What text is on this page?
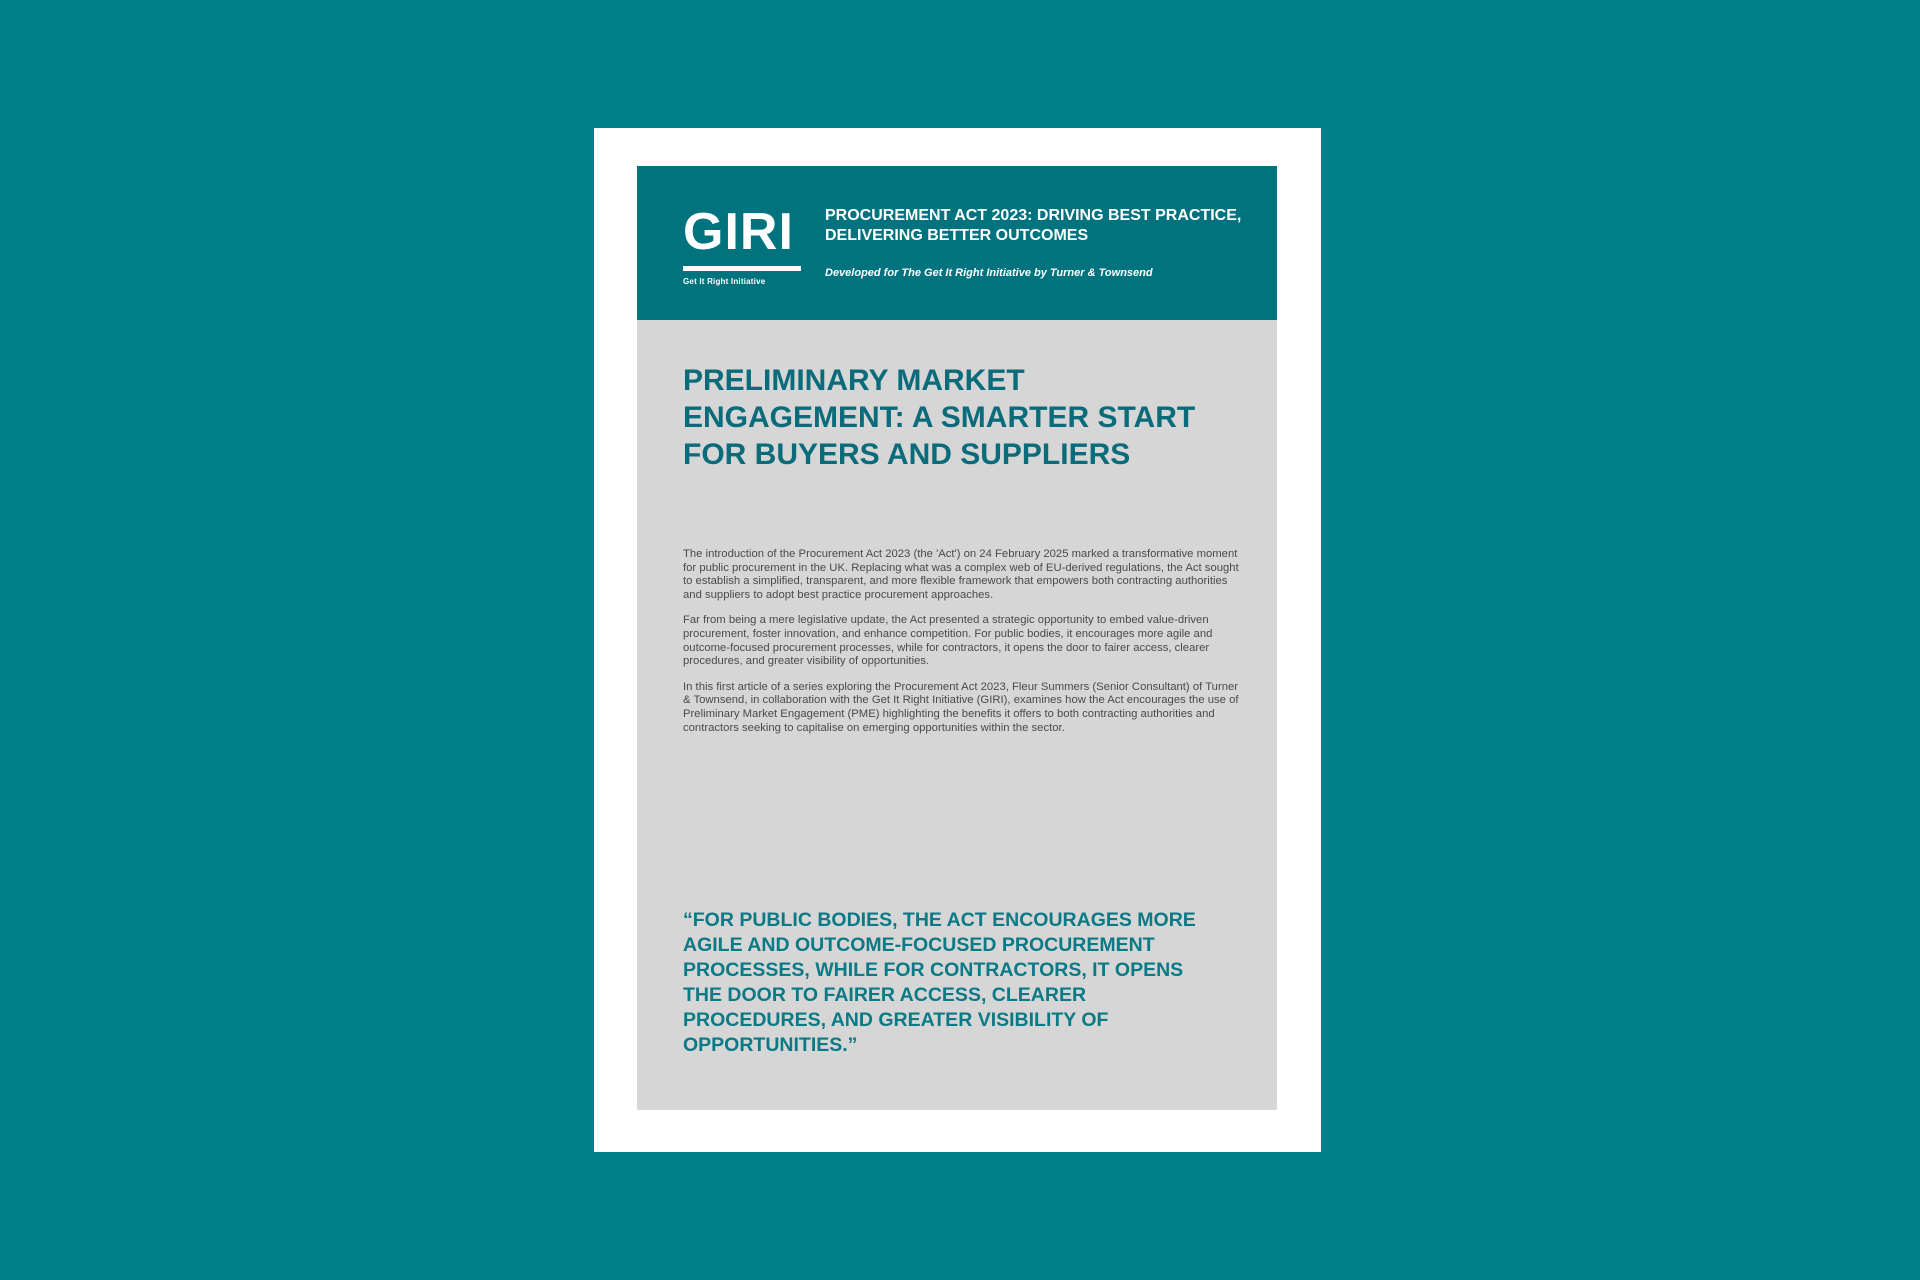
GIRI
Get It Right Initiative
PROCUREMENT ACT 2023: DRIVING BEST PRACTICE, DELIVERING BETTER OUTCOMES

Developed for The Get It Right Initiative by Turner & Townsend

PRELIMINARY MARKET ENGAGEMENT: A SMARTER START FOR BUYERS AND SUPPLIERS

The introduction of the Procurement Act 2023 (the 'Act') on 24 February 2025 marked a transformative moment for public procurement in the UK. Replacing what was a complex web of EU-derived regulations, the Act sought to establish a simplified, transparent, and more flexible framework that empowers both contracting authorities and suppliers to adopt best practice procurement approaches.

Far from being a mere legislative update, the Act presented a strategic opportunity to embed value-driven procurement, foster innovation, and enhance competition. For public bodies, it encourages more agile and outcome-focused procurement processes, while for contractors, it opens the door to fairer access, clearer procedures, and greater visibility of opportunities.

In this first article of a series exploring the Procurement Act 2023, Fleur Summers (Senior Consultant) of Turner & Townsend, in collaboration with the Get It Right Initiative (GIRI), examines how the Act encourages the use of Preliminary Market Engagement (PME) highlighting the benefits it offers to both contracting authorities and contractors seeking to capitalise on emerging opportunities within the sector.

“FOR PUBLIC BODIES, THE ACT ENCOURAGES MORE AGILE AND OUTCOME-FOCUSED PROCUREMENT PROCESSES, WHILE FOR CONTRACTORS, IT OPENS THE DOOR TO FAIRER ACCESS, CLEARER PROCEDURES, AND GREATER VISIBILITY OF OPPORTUNITIES.”
